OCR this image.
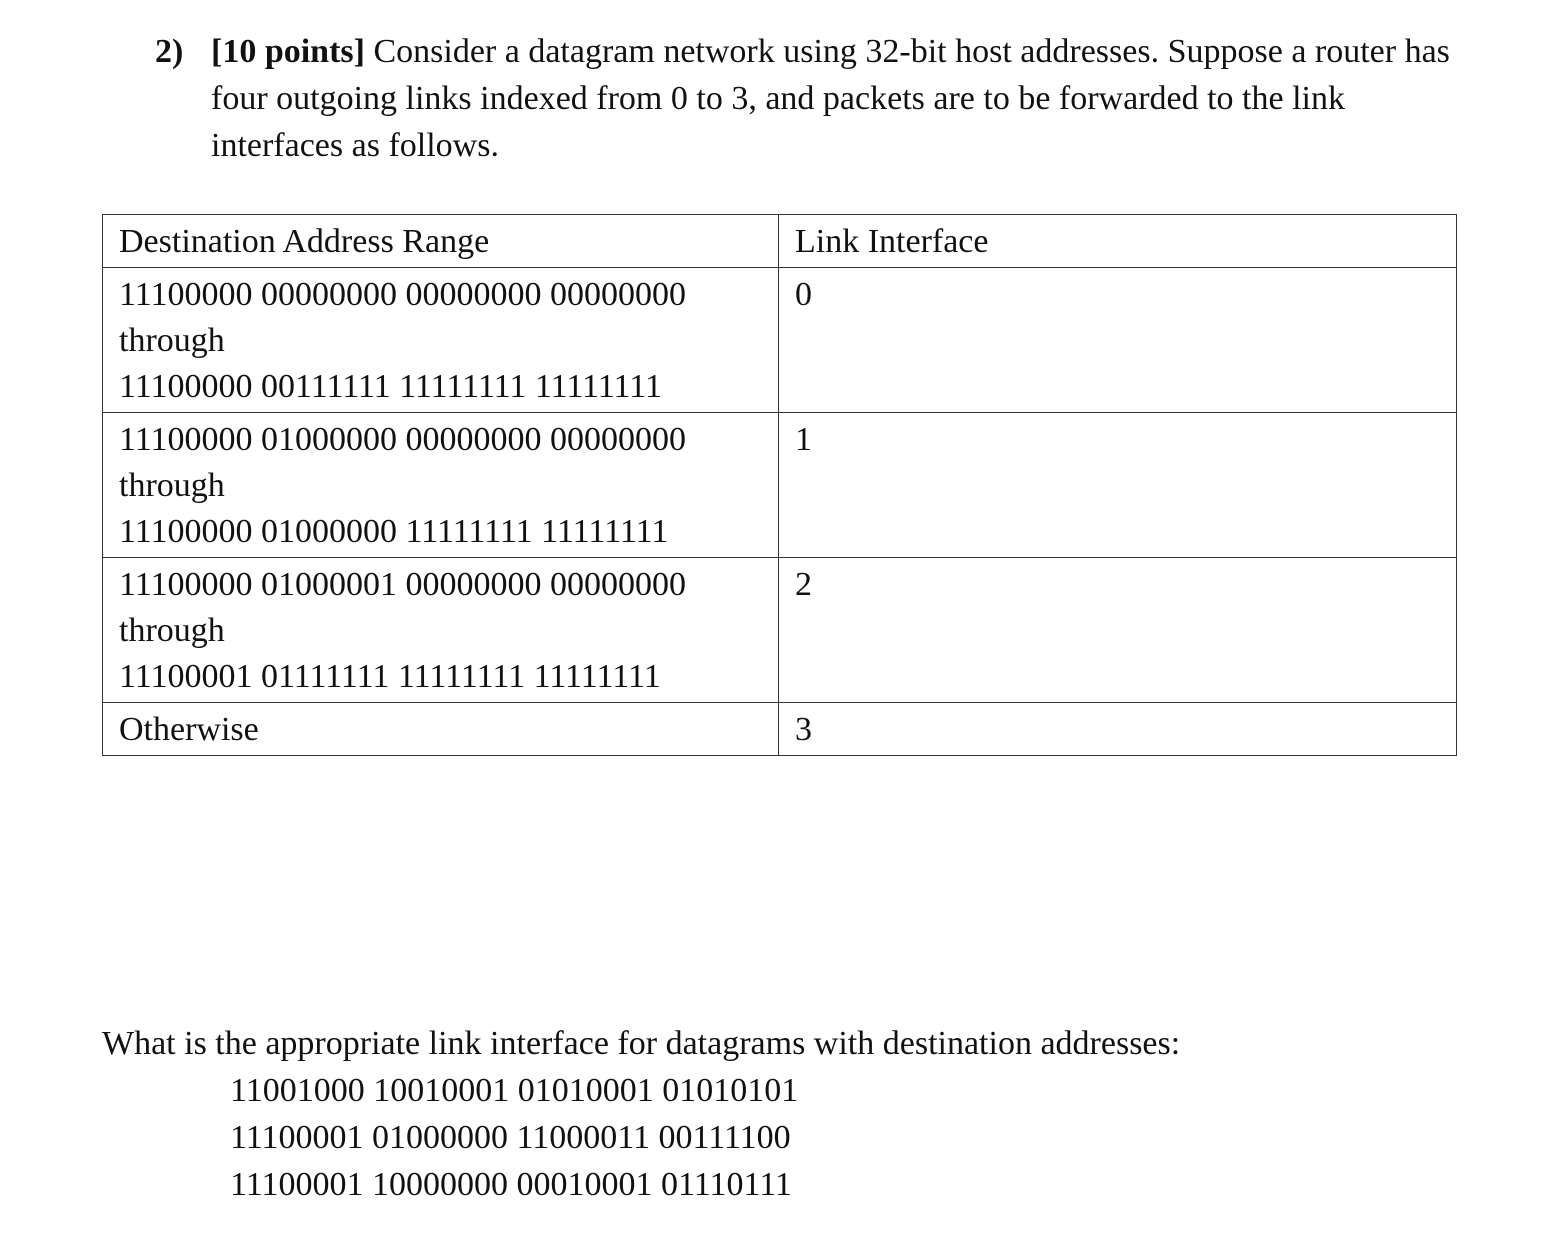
2) [10 points] Consider a datagram network using 32-bit host addresses. Suppose a router has four outgoing links indexed from 0 to 3, and packets are to be forwarded to the link interfaces as follows.
Destination Address Range	Link Interface

11100000 00000000 00000000 00000000
through
11100000 00111111 11111111 11111111	0

11100000 01000000 00000000 00000000
through
11100000 01000000 11111111 11111111	1

11100000 01000001 00000000 00000000
through
11100001 01111111 11111111 11111111	2
Otherwise	3
What is the appropriate link interface for datagrams with destination addresses:
11001000 10010001 01010001 01010101
11100001 01000000 11000011 00111100
11100001 10000000 00010001 01110111
